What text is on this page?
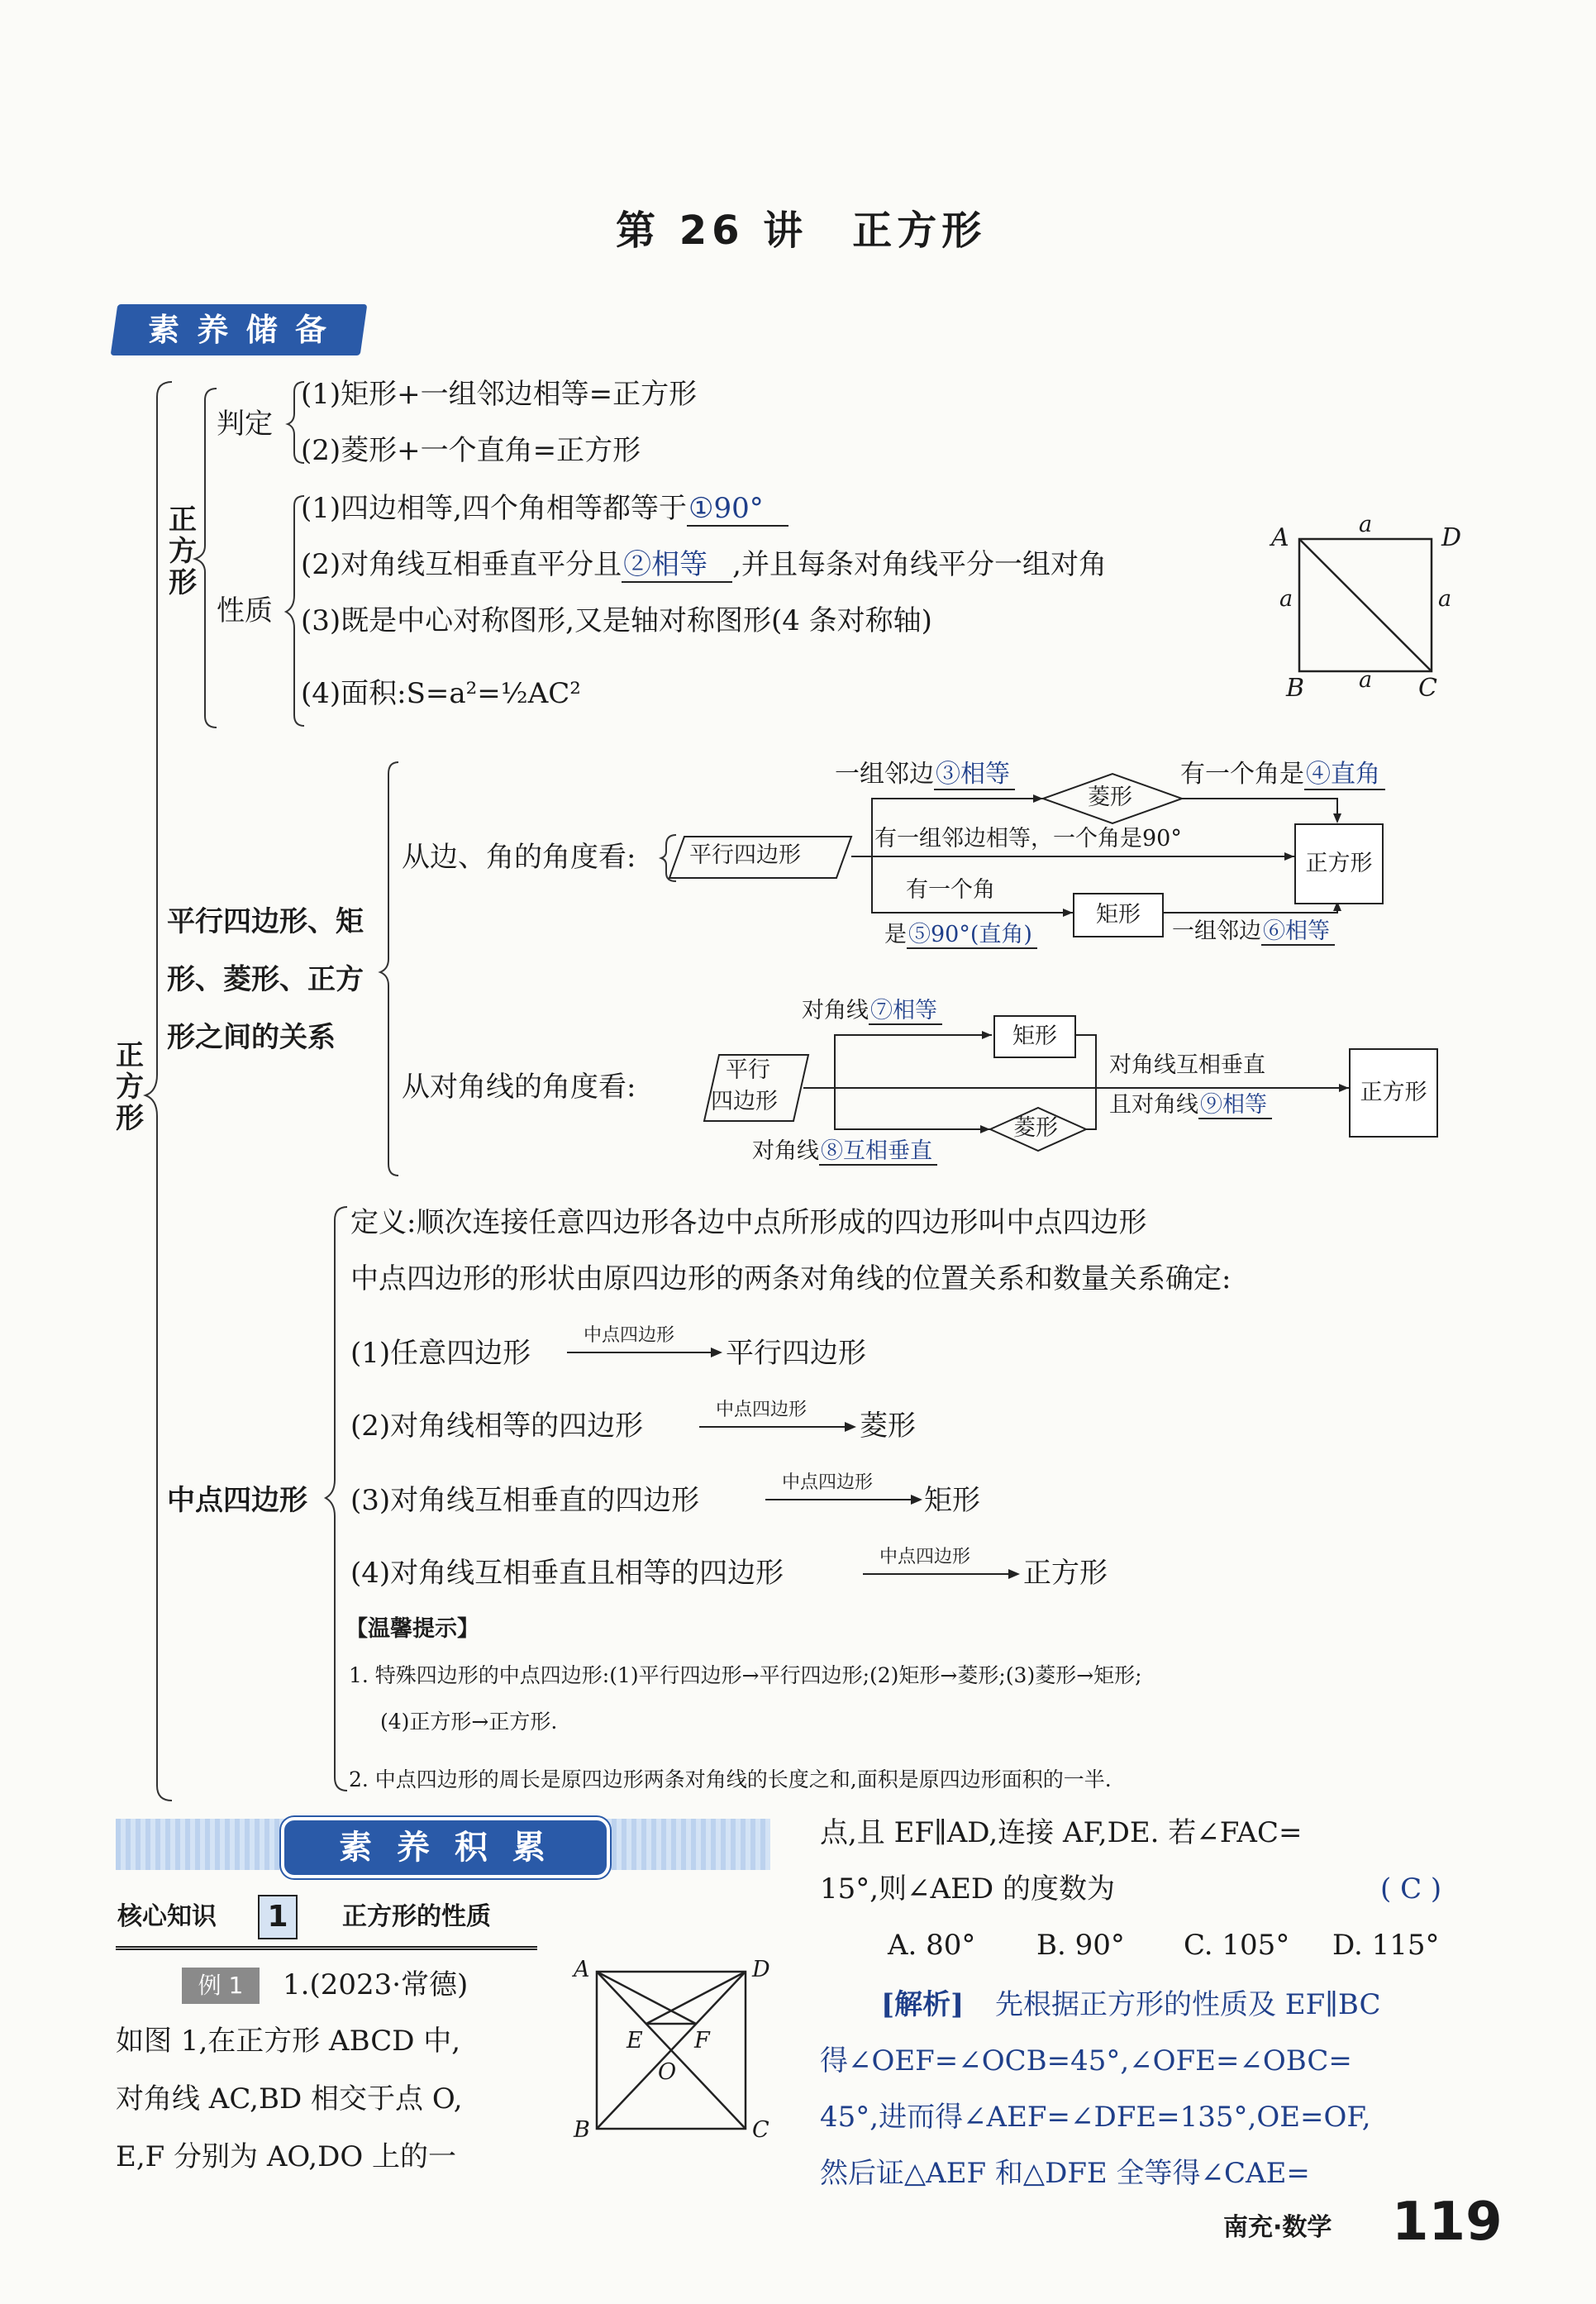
第 26 讲　正方形
素 养 储 备
正方形
正方形
判定
(1)矩形+一组邻边相等=正方形
(2)菱形+一个直角=正方形
性质
(1)四边相等,四个角相等都等于①90°
(2)对角线互相垂直平分且②相等 ,并且每条对角线平分一组对角
(3)既是中心对称图形,又是轴对称图形(4 条对称轴)
(4)面积:S=a²=½AC²
A	D
B	C
a
a	a
a
平行四边形、矩
形、菱形、正方
形之间的关系
从边、角的角度看: 平行四边形
一组邻边③相等
菱形
有一个角是④直角
有一组邻边相等，一个角是90°
正方形
有一个角
是⑤90°(直角)
矩形
一组邻边⑥相等
从对角线的角度看:
平行
四边形
对角线⑦相等
矩形
菱形
对角线⑧互相垂直
对角线互相垂直
且对角线⑨相等	正方形
中点四边形
定义:顺次连接任意四边形各边中点所形成的四边形叫中点四边形
中点四边形的形状由原四边形的两条对角线的位置关系和数量关系确定:
(1)任意四边形
中点四边形
平行四边形
(2)对角线相等的四边形	中点四边形 菱形
(3)对角线互相垂直的四边形
中点四边形
矩形
(4)对角线互相垂直且相等的四边形	中点四边形 正方形
【温馨提示】
1. 特殊四边形的中点四边形:(1)平行四边形→平行四边形;(2)矩形→菱形;(3)菱形→矩形;
(4)正方形→正方形.
2. 中点四边形的周长是原四边形两条对角线的长度之和,面积是原四边形面积的一半.
素 养 积 累
核心知识	1	正方形的性质
例 1	1.(2023·常德)
如图 1,在正方形 ABCD 中,
对角线 AC,BD 相交于点 O,
E,F 分别为 AO,DO 上的一
A	D
B	C
E F
O
点,且 EF∥AD,连接 AF,DE. 若∠FAC=
15°,则∠AED 的度数为	( C )
A. 80° B. 90° C. 105° D. 115°
[解析] 先根据正方形的性质及 EF∥BC
得∠OEF=∠OCB=45°,∠OFE=∠OBC=
45°,进而得∠AEF=∠DFE=135°,OE=OF,
然后证△AEF 和△DFE 全等得∠CAE=
南充·数学 119
